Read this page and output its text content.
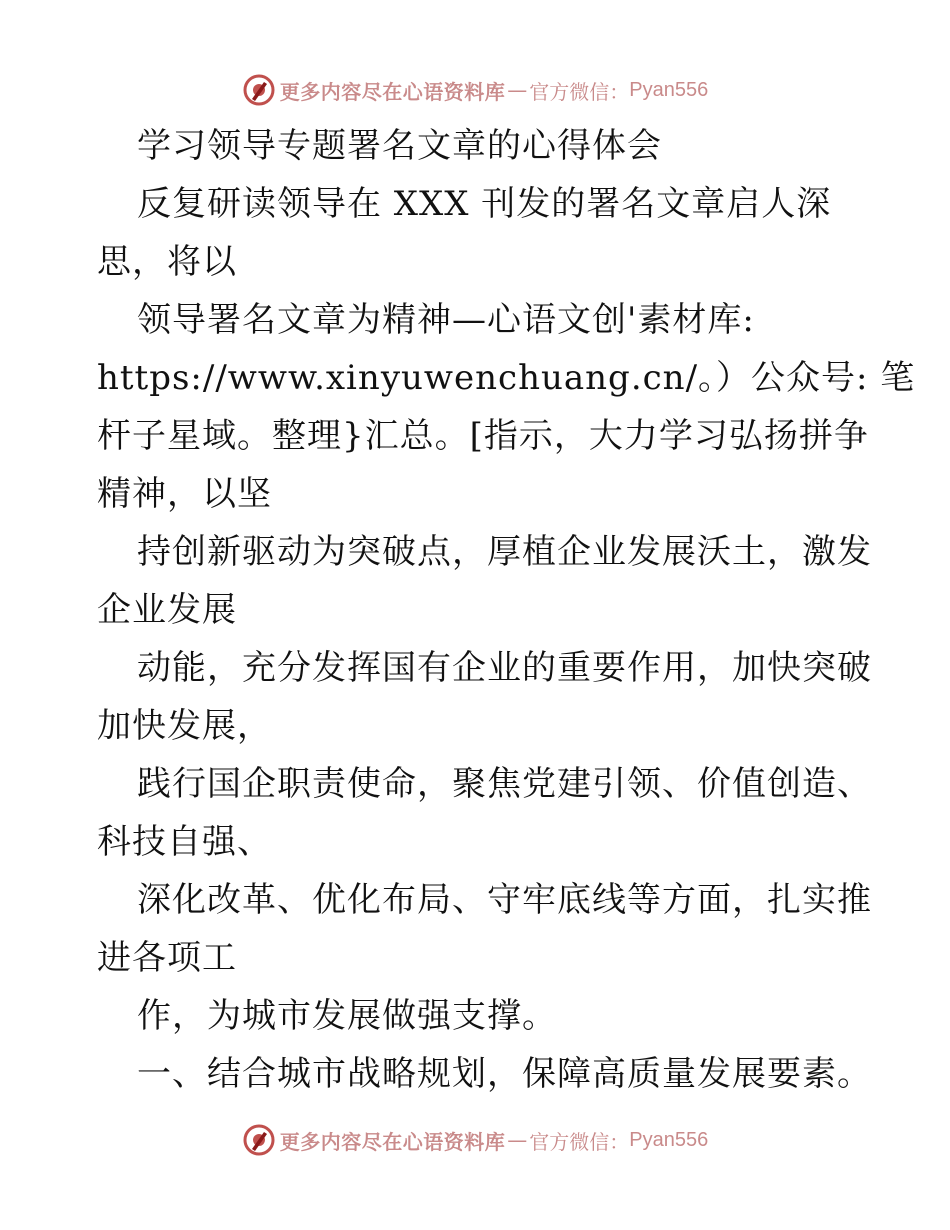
更多内容尽在心语资料库 — 官方微信： Pyan556
学习领导专题署名文章的心得体会
反复研读领导在 XXX 刊发的署名文章启人深
思，将以
领导署名文章为精神—心语文创'素材库:
https://www.xinyuwenchuang.cn/。）公众号: 笔
杆子星域。整理}汇总。[指示，大力学习弘扬拼争
精神，以坚
持创新驱动为突破点，厚植企业发展沃土，激发
企业发展
动能，充分发挥国有企业的重要作用，加快突破
加快发展，
践行国企职责使命，聚焦党建引领、价值创造、
科技自强、
深化改革、优化布局、守牢底线等方面，扎实推
进各项工
作，为城市发展做强支撑。
一、结合城市战略规划，保障高质量发展要素。
更多内容尽在心语资料库 — 官方微信： Pyan556
